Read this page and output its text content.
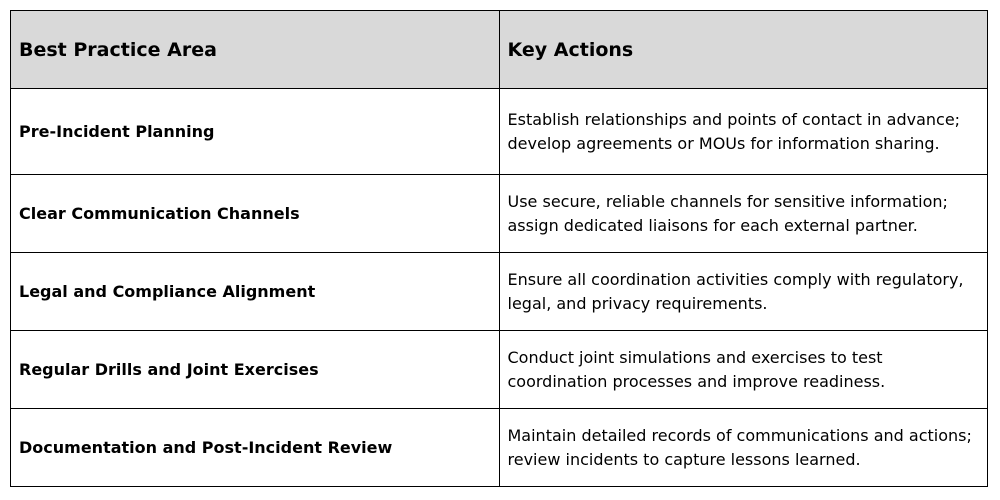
Best Practice Area	Key Actions
Pre-Incident Planning
Establish relationships and points of contact in advance; develop agreements or MOUs for information sharing.
Clear Communication Channels
Use secure, reliable channels for sensitive information; assign dedicated liaisons for each external partner.
Legal and Compliance Alignment
Ensure all coordination activities comply with regulatory, legal, and privacy requirements.
Regular Drills and Joint Exercises
Conduct joint simulations and exercises to test coordination processes and improve readiness.
Documentation and Post-Incident Review
Maintain detailed records of communications and actions; review incidents to capture lessons learned.
